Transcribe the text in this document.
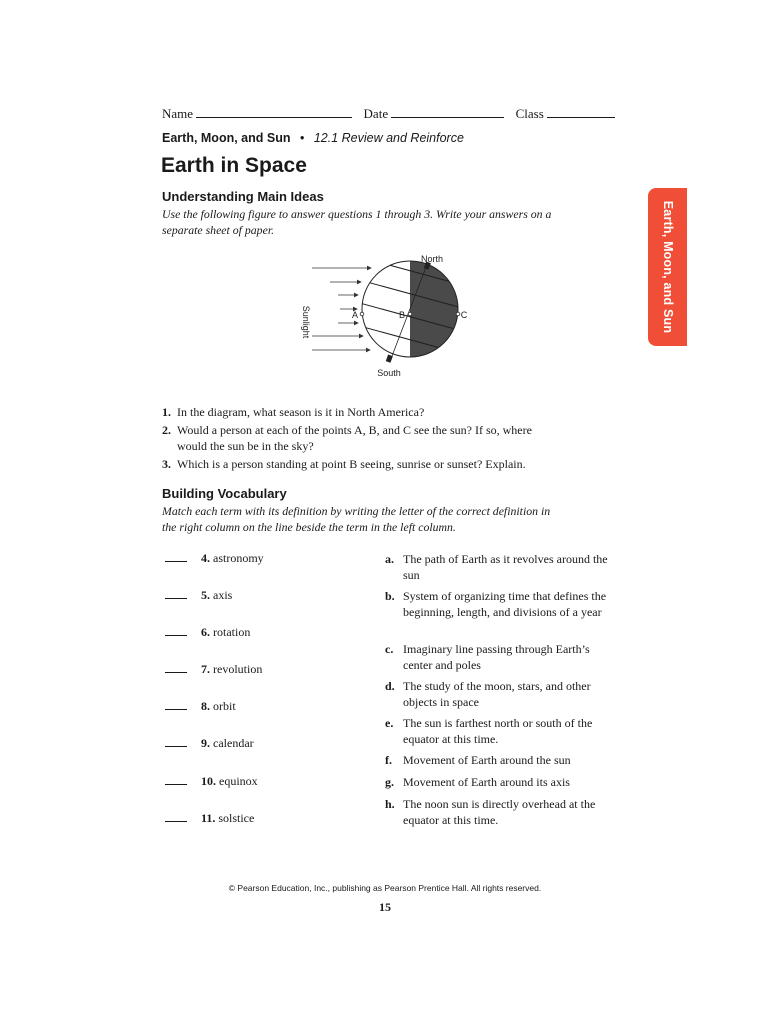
Name	Date	Class
Earth, Moon, and Sun • 12.1 Review and Reinforce
Earth in Space
Earth, Moon, and Sun
Understanding Main Ideas
Use the following figure to answer questions 1 through 3. Write your answers on a separate sheet of paper.
North
South
A	B	C
Sunlight
1. In the diagram, what season is it in North America?
2. Would a person at each of the points A, B, and C see the sun? If so, where
would the sun be in the sky?
3. Which is a person standing at point B seeing, sunrise or sunset? Explain.
Building Vocabulary
Match each term with its definition by writing the letter of the correct definition in the right column on the line beside the term in the left column.
4. astronomy
5. axis
6. rotation
7. revolution
8. orbit
9. calendar
10. equinox
11. solstice
a. The path of Earth as it revolves around the sun
b. System of organizing time that defines the beginning, length, and divisions of a year
c. Imaginary line passing through Earth’s center and poles
d. The study of the moon, stars, and other objects in space
e. The sun is farthest north or south of the equator at this time.
f. Movement of Earth around the sun
g. Movement of Earth around its axis
h. The noon sun is directly overhead at the equator at this time.
© Pearson Education, Inc., publishing as Pearson Prentice Hall. All rights reserved.
15
